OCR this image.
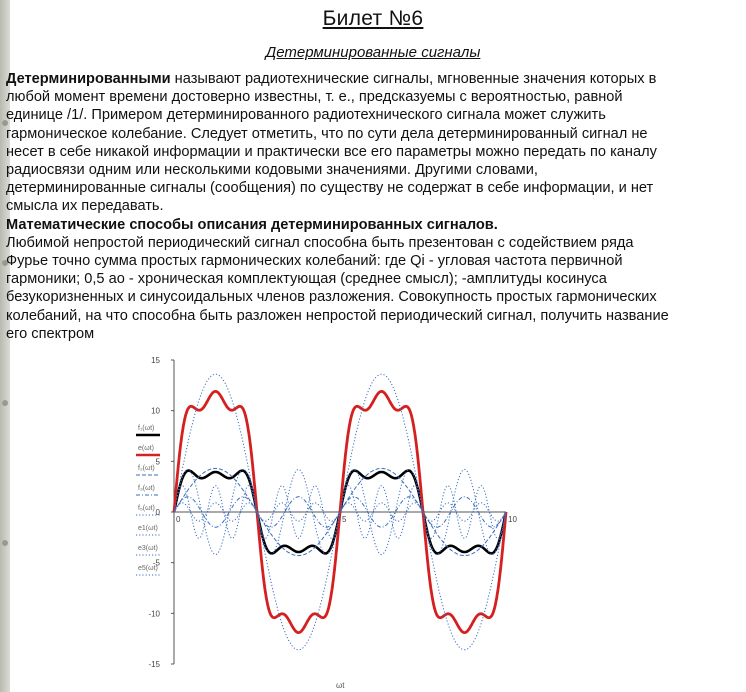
Билет №6
Детерминированные сигналы
Детерминированными называют радиотехнические сигналы, мгновенные значения которых в
любой момент времени достоверно известны, т. е., предсказуемы с вероятностью, равной
единице /1/. Примером детерминированного радиотехнического сигнала может служить
гармоническое колебание. Следует отметить, что по сути дела детерминированный сигнал не
несет в себе никакой информации и практически все его параметры можно передать по каналу
радиосвязи одним или несколькими кодовыми значениями. Другими словами,
детерминированные сигналы (сообщения) по существу не содержат в себе информации, и нет
смысла их передавать.
Математические способы описания детерминированных сигналов.
Любимой непростой периодический сигнал способна быть презентован с содействием ряда
Фурье точно сумма простых гармонических колебаний: где Qi - угловая частота первичной
гармоники; 0,5 ао - хроническая комплектующая (среднее смысл); -амплитуды косинуса
безукоризненных и синусоидальных членов разложения. Совокупность простых гармонических
колебаний, на что способна быть разложен непростой периодический сигнал, получить название
его спектром
15
10
5
0
-5
-10
-15
0	5	10
ωt
f₁(ωt)
e(ωt)
f₂(ωt)
f₃(ωt)
f₅(ωt)
e1(ωt)
e3(ωt)
e5(ωt)
